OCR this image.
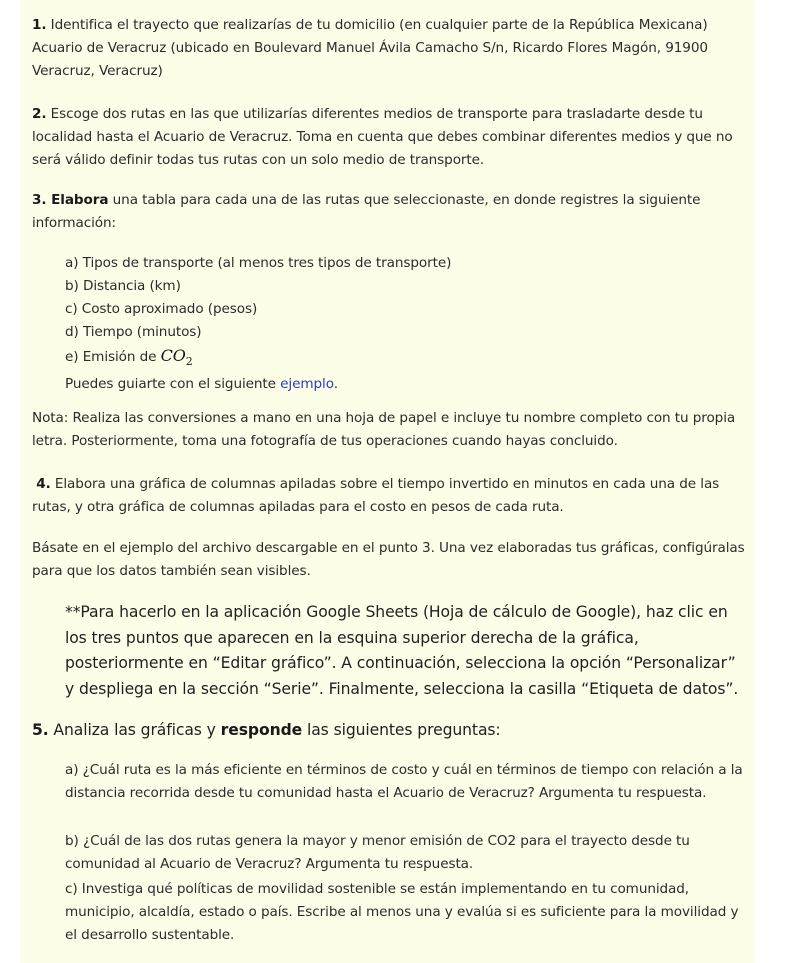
1. Identifica el trayecto que realizarías de tu domicilio (en cualquier parte de la República Mexicana) Acuario de Veracruz (ubicado en Boulevard Manuel Ávila Camacho S/n, Ricardo Flores Magón, 91900 Veracruz, Veracruz)

2. Escoge dos rutas en las que utilizarías diferentes medios de transporte para trasladarte desde tu localidad hasta el Acuario de Veracruz. Toma en cuenta que debes combinar diferentes medios y que no será válido definir todas tus rutas con un solo medio de transporte.

3. Elabora una tabla para cada una de las rutas que seleccionaste, en donde registres la siguiente información:

a) Tipos de transporte (al menos tres tipos de transporte)
b) Distancia (km)
c) Costo aproximado (pesos)
d) Tiempo (minutos)
e) Emisión de $CO_2$
Puedes guiarte con el siguiente ejemplo.

Nota: Realiza las conversiones a mano en una hoja de papel e incluye tu nombre completo con tu propia letra. Posteriormente, toma una fotografía de tus operaciones cuando hayas concluido.

4. Elabora una gráfica de columnas apiladas sobre el tiempo invertido en minutos en cada una de las rutas, y otra gráfica de columnas apiladas para el costo en pesos de cada ruta.

Básate en el ejemplo del archivo descargable en el punto 3. Una vez elaboradas tus gráficas, configúralas para que los datos también sean visibles.

**Para hacerlo en la aplicación Google Sheets (Hoja de cálculo de Google), haz clic en los tres puntos que aparecen en la esquina superior derecha de la gráfica, posteriormente en “Editar gráfico”. A continuación, selecciona la opción “Personalizar” y despliega en la sección “Serie”. Finalmente, selecciona la casilla “Etiqueta de datos”.

5. Analiza las gráficas y responde las siguientes preguntas:

a) ¿Cuál ruta es la más eficiente en términos de costo y cuál en términos de tiempo con relación a la distancia recorrida desde tu comunidad hasta el Acuario de Veracruz? Argumenta tu respuesta.

b) ¿Cuál de las dos rutas genera la mayor y menor emisión de CO2 para el trayecto desde tu comunidad al Acuario de Veracruz? Argumenta tu respuesta.

c) Investiga qué políticas de movilidad sostenible se están implementando en tu comunidad, municipio, alcaldía, estado o país. Escribe al menos una y evalúa si es suficiente para la movilidad y el desarrollo sustentable.
